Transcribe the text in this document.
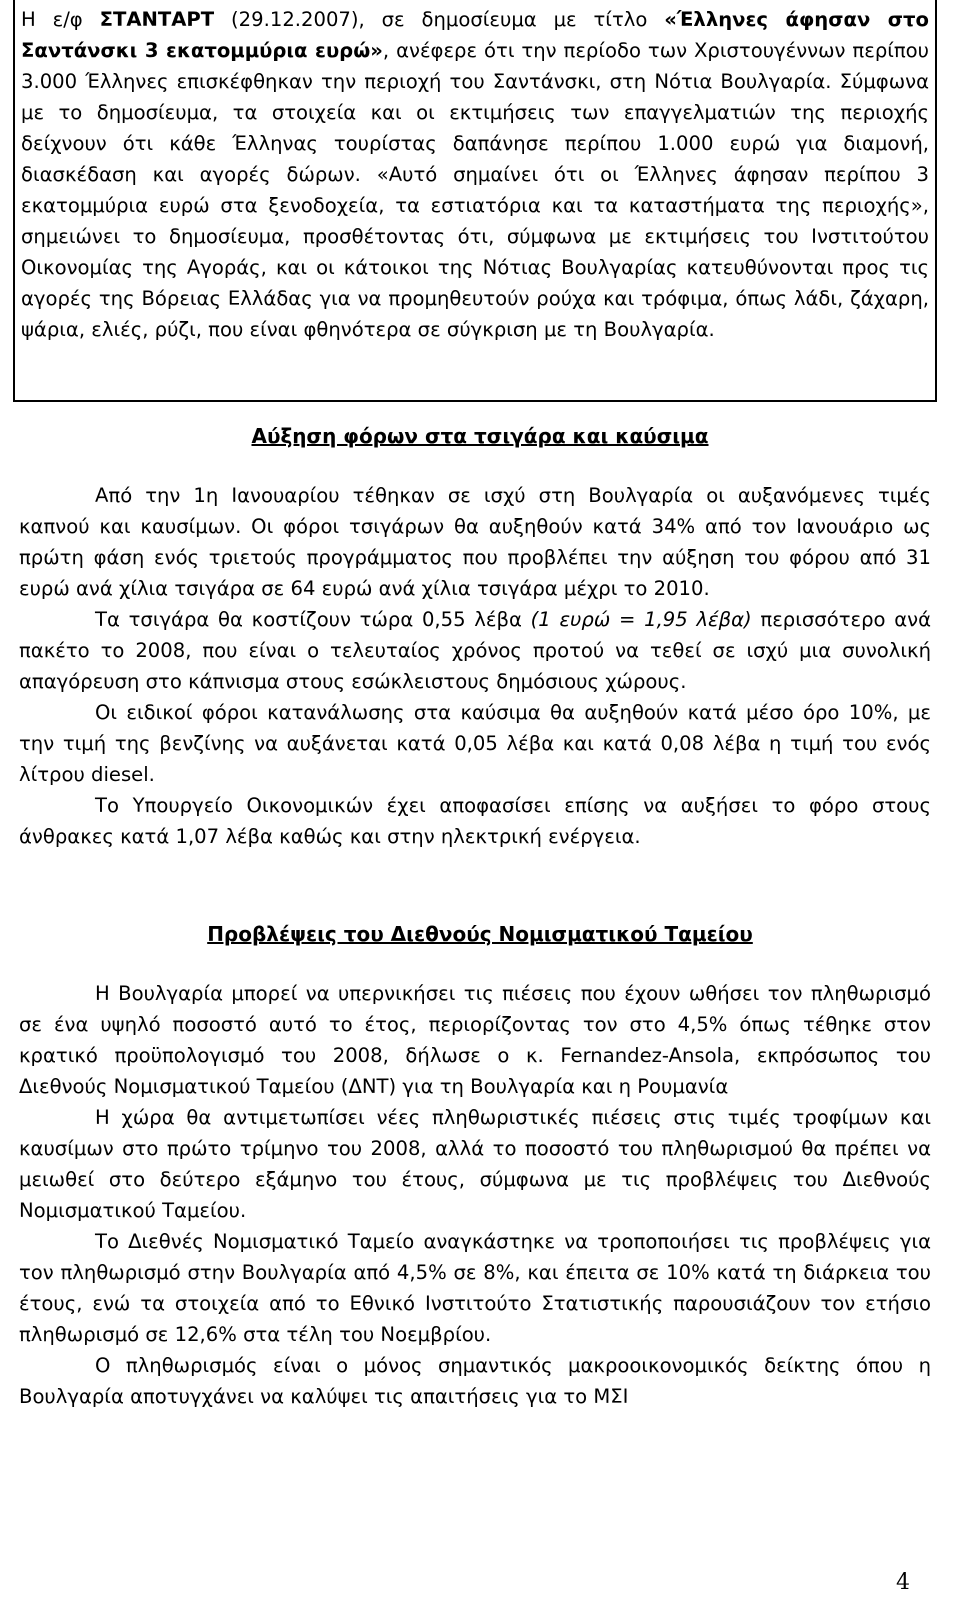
Η ε/φ ΣΤΑΝΤΑΡΤ (29.12.2007), σε δημοσίευμα με τίτλο «Έλληνες άφησαν στο Σαντάνσκι 3 εκατομμύρια ευρώ», ανέφερε ότι την περίοδο των Χριστουγέννων περίπου 3.000 Έλληνες επισκέφθηκαν την περιοχή του Σαντάνσκι, στη Νότια Βουλγαρία. Σύμφωνα με το δημοσίευμα, τα στοιχεία και οι εκτιμήσεις των επαγγελματιών της περιοχής δείχνουν ότι κάθε Έλληνας τουρίστας δαπάνησε περίπου 1.000 ευρώ για διαμονή, διασκέδαση και αγορές δώρων. «Αυτό σημαίνει ότι οι Έλληνες άφησαν περίπου 3 εκατομμύρια ευρώ στα ξενοδοχεία, τα εστιατόρια και τα καταστήματα της περιοχής», σημειώνει το δημοσίευμα, προσθέτοντας ότι, σύμφωνα με εκτιμήσεις του Ινστιτούτου Οικονομίας της Αγοράς, και οι κάτοικοι της Νότιας Βουλγαρίας κατευθύνονται προς τις αγορές της Βόρειας Ελλάδας για να προμηθευτούν ρούχα και τρόφιμα, όπως λάδι, ζάχαρη, ψάρια, ελιές, ρύζι, που είναι φθηνότερα σε σύγκριση με τη Βουλγαρία.
Αύξηση φόρων στα τσιγάρα και καύσιμα

Από την 1η Ιανουαρίου τέθηκαν σε ισχύ στη Βουλγαρία οι αυξανόμενες τιμές καπνού και καυσίμων. Οι φόροι τσιγάρων θα αυξηθούν κατά 34% από τον Ιανουάριο ως πρώτη φάση ενός τριετούς προγράμματος που προβλέπει την αύξηση του φόρου από 31 ευρώ ανά χίλια τσιγάρα σε 64 ευρώ ανά χίλια τσιγάρα μέχρι το 2010.

Τα τσιγάρα θα κοστίζουν τώρα 0,55 λέβα (1 ευρώ = 1,95 λέβα) περισσότερο ανά πακέτο το 2008, που είναι ο τελευταίος χρόνος προτού να τεθεί σε ισχύ μια συνολική απαγόρευση στο κάπνισμα στους εσώκλειστους δημόσιους χώρους.

Οι ειδικοί φόροι κατανάλωσης στα καύσιμα θα αυξηθούν κατά μέσο όρο 10%, με την τιμή της βενζίνης να αυξάνεται κατά 0,05 λέβα και κατά 0,08 λέβα η τιμή του ενός λίτρου diesel.

Το Υπουργείο Οικονομικών έχει αποφασίσει επίσης να αυξήσει το φόρο στους άνθρακες κατά 1,07 λέβα καθώς και στην ηλεκτρική ενέργεια.

Προβλέψεις του Διεθνούς Νομισματικού Ταμείου

Η Βουλγαρία μπορεί να υπερνικήσει τις πιέσεις που έχουν ωθήσει τον πληθωρισμό σε ένα υψηλό ποσοστό αυτό το έτος, περιορίζοντας τον στο 4,5% όπως τέθηκε στον κρατικό προϋπολογισμό του 2008, δήλωσε ο κ. Fernandez-Ansola, εκπρόσωπος του Διεθνούς Νομισματικού Ταμείου (ΔΝΤ) για τη Βουλγαρία και η Ρουμανία

Η χώρα θα αντιμετωπίσει νέες πληθωριστικές πιέσεις στις τιμές τροφίμων και καυσίμων στο πρώτο τρίμηνο του 2008, αλλά το ποσοστό του πληθωρισμού θα πρέπει να μειωθεί στο δεύτερο εξάμηνο του έτους, σύμφωνα με τις προβλέψεις του Διεθνούς Νομισματικού Ταμείου.

Το Διεθνές Νομισματικό Ταμείο αναγκάστηκε να τροποποιήσει τις προβλέψεις για τον πληθωρισμό στην Βουλγαρία από 4,5% σε 8%, και έπειτα σε 10% κατά τη διάρκεια του έτους, ενώ τα στοιχεία από το Εθνικό Ινστιτούτο Στατιστικής παρουσιάζουν τον ετήσιο πληθωρισμό σε 12,6% στα τέλη του Νοεμβρίου.

Ο πληθωρισμός είναι ο μόνος σημαντικός μακροοικονομικός δείκτης όπου η Βουλγαρία αποτυγχάνει να καλύψει τις απαιτήσεις για το ΜΣΙ

4
